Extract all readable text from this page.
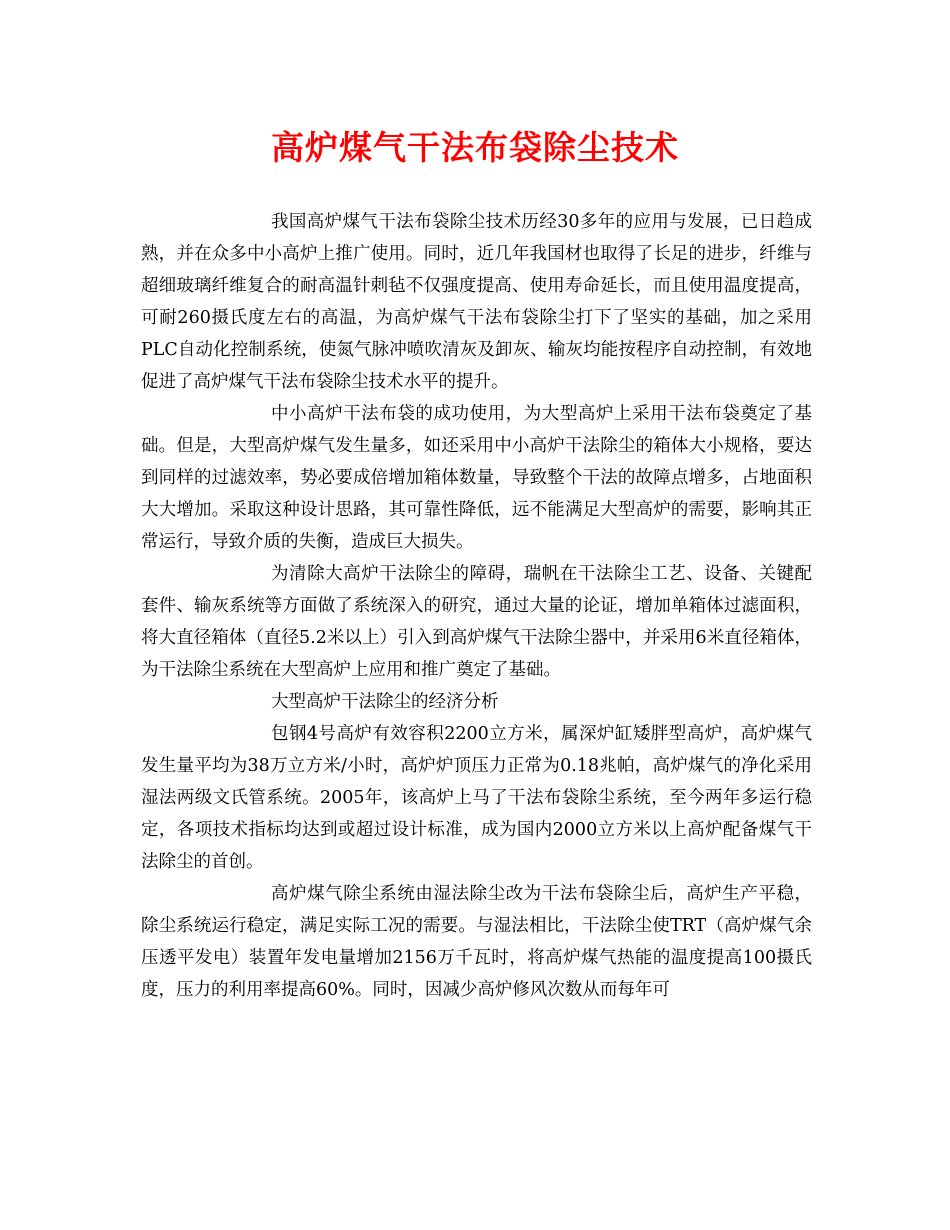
高炉煤气干法布袋除尘技术

我国高炉煤气干法布袋除尘技术历经30多年的应用与发展，已日趋成熟，并在众多中小高炉上推广使用。同时，近几年我国材也取得了长足的进步，纤维与超细玻璃纤维复合的耐高温针刺毡不仅强度提高、使用寿命延长，而且使用温度提高，可耐260摄氏度左右的高温，为高炉煤气干法布袋除尘打下了坚实的基础，加之采用PLC自动化控制系统，使氮气脉冲喷吹清灰及卸灰、输灰均能按程序自动控制，有效地促进了高炉煤气干法布袋除尘技术水平的提升。

中小高炉干法布袋的成功使用，为大型高炉上采用干法布袋奠定了基础。但是，大型高炉煤气发生量多，如还采用中小高炉干法除尘的箱体大小规格，要达到同样的过滤效率，势必要成倍增加箱体数量，导致整个干法的故障点增多，占地面积大大增加。采取这种设计思路，其可靠性降低，远不能满足大型高炉的需要，影响其正常运行，导致介质的失衡，造成巨大损失。

为清除大高炉干法除尘的障碍，瑞帆在干法除尘工艺、设备、关键配套件、输灰系统等方面做了系统深入的研究，通过大量的论证，增加单箱体过滤面积，将大直径箱体（直径5.2米以上）引入到高炉煤气干法除尘器中，并采用6米直径箱体，为干法除尘系统在大型高炉上应用和推广奠定了基础。

大型高炉干法除尘的经济分析

包钢4号高炉有效容积2200立方米，属深炉缸矮胖型高炉，高炉煤气发生量平均为38万立方米/小时，高炉炉顶压力正常为0.18兆帕，高炉煤气的净化采用湿法两级文氏管系统。2005年，该高炉上马了干法布袋除尘系统，至今两年多运行稳定，各项技术指标均达到或超过设计标准，成为国内2000立方米以上高炉配备煤气干法除尘的首创。

高炉煤气除尘系统由湿法除尘改为干法布袋除尘后，高炉生产平稳，除尘系统运行稳定，满足实际工况的需要。与湿法相比，干法除尘使TRT（高炉煤气余压透平发电）装置年发电量增加2156万千瓦时，将高炉煤气热能的温度提高100摄氏度，压力的利用率提高60%。同时，因减少高炉修风次数从而每年可
